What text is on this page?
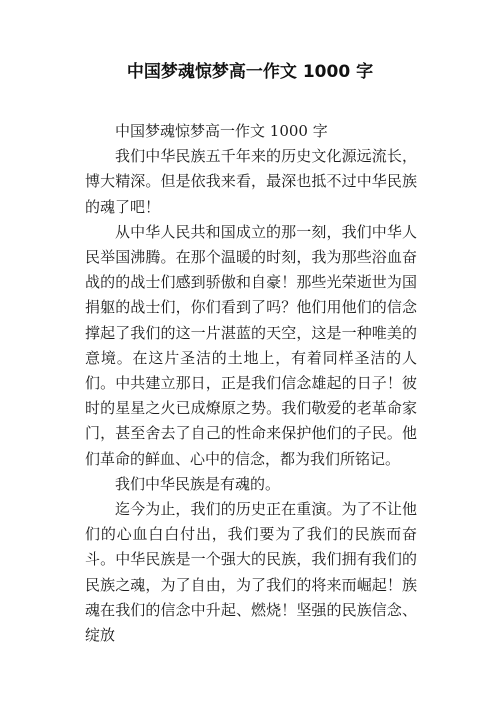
中国梦魂惊梦高一作文 1000 字

中国梦魂惊梦高一作文 1000 字

我们中华民族五千年来的历史文化源远流长，博大精深。但是依我来看，最深也抵不过中华民族的魂了吧！

从中华人民共和国成立的那一刻，我们中华人民举国沸腾。在那个温暖的时刻，我为那些浴血奋战的的战士们感到骄傲和自豪！那些光荣逝世为国捐躯的战士们，你们看到了吗？他们用他们的信念撑起了我们的这一片湛蓝的天空，这是一种唯美的意境。在这片圣洁的土地上，有着同样圣洁的人们。中共建立那日，正是我们信念雄起的日子！彼时的星星之火已成燎原之势。我们敬爱的老革命家门，甚至舍去了自己的性命来保护他们的子民。他们革命的鲜血、心中的信念，都为我们所铭记。

我们中华民族是有魂的。

迄今为止，我们的历史正在重演。为了不让他们的心血白白付出，我们要为了我们的民族而奋斗。中华民族是一个强大的民族，我们拥有我们的民族之魂，为了自由，为了我们的将来而崛起！族魂在我们的信念中升起、燃烧！坚强的民族信念、绽放
